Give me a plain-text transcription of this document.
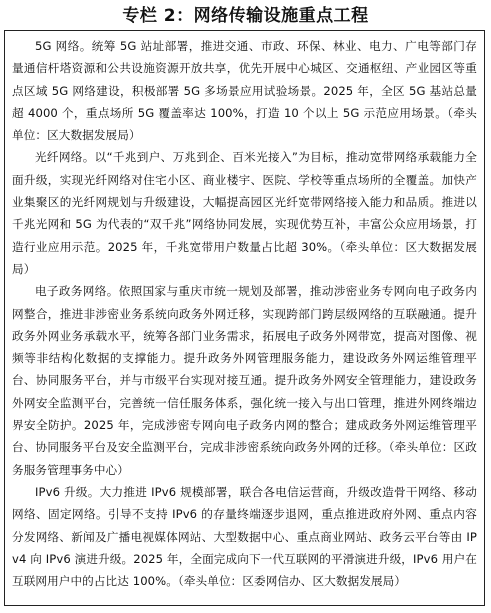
专栏 2：网络传输设施重点工程

5G 网络。统筹 5G 站址部署，推进交通、市政、环保、林业、电力、广电等部门存量通信杆塔资源和公共设施资源开放共享，优先开展中心城区、交通枢纽、产业园区等重点区域 5G 网络建设，积极部署 5G 多场景应用试验场景。2025 年，全区 5G 基站总量超 4000 个，重点场所 5G 覆盖率达 100%，打造 10 个以上 5G 示范应用场景。（牵头单位：区大数据发展局）

光纤网络。以“千兆到户、万兆到企、百米光接入”为目标，推动宽带网络承载能力全面升级，实现光纤网络对住宅小区、商业楼宇、医院、学校等重点场所的全覆盖。加快产业集聚区的光纤网规划与升级建设，大幅提高园区光纤宽带网络接入能力和品质。推进以千兆光网和 5G 为代表的“双千兆”网络协同发展，实现优势互补，丰富公众应用场景，打造行业应用示范。2025 年，千兆宽带用户数量占比超 30%。（牵头单位：区大数据发展局）

电子政务网络。依照国家与重庆市统一规划及部署，推动涉密业务专网向电子政务内网整合，推进非涉密业务系统向政务外网迁移，实现跨部门跨层级网络的互联融通。提升政务外网业务承载水平，统筹各部门业务需求，拓展电子政务外网带宽，提高对图像、视频等非结构化数据的支撑能力。提升政务外网管理服务能力，建设政务外网运维管理平台、协同服务平台，并与市级平台实现对接互通。提升政务外网安全管理能力，建设政务外网安全监测平台，完善统一信任服务体系，强化统一接入与出口管理，推进外网终端边界安全防护。2025 年，完成涉密专网向电子政务内网的整合；建成政务外网运维管理平台、协同服务平台及安全监测平台，完成非涉密系统向政务外网的迁移。（牵头单位：区政务服务管理事务中心）

IPv6 升级。大力推进 IPv6 规模部署，联合各电信运营商，升级改造骨干网络、移动网络、固定网络。引导不支持 IPv6 的存量终端逐步退网，重点推进政府外网、重点内容分发网络、新闻及广播电视媒体网站、大型数据中心、重点商业网站、政务云平台等由 IPv4 向 IPv6 演进升级。2025 年，全面完成向下一代互联网的平滑演进升级，IPv6 用户在互联网用户中的占比达 100%。（牵头单位：区委网信办、区大数据发展局）
